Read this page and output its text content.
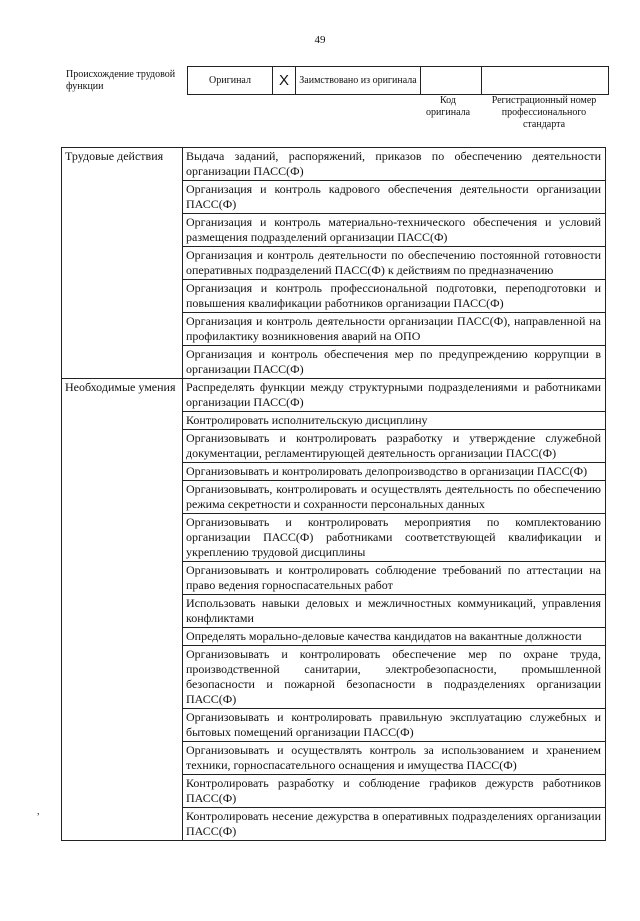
49
Происхождение трудовой функции
Оригинал	X	Заимствовано из оригинала		
Код оригинала
Регистрационный номер профессионального стандарта
Трудовые действия	Выдача заданий, распоряжений, приказов по обеспечению деятельности организации ПАСС(Ф)
	Организация и контроль кадрового обеспечения деятельности организации ПАСС(Ф)
	Организация и контроль материально-технического обеспечения и условий размещения подразделений организации ПАСС(Ф)
	Организация и контроль деятельности по обеспечению постоянной готовности оперативных подразделений ПАСС(Ф) к действиям по предназначению
	Организация и контроль профессиональной подготовки, переподготовки и повышения квалификации работников организации ПАСС(Ф)
	Организация и контроль деятельности организации ПАСС(Ф), направленной на профилактику возникновения аварий на ОПО
	Организация и контроль обеспечения мер по предупреждению коррупции в организации ПАСС(Ф)
Необходимые умения	Распределять функции между структурными подразделениями и работниками организации ПАСС(Ф)
	Контролировать исполнительскую дисциплину
	Организовывать и контролировать разработку и утверждение служебной документации, регламентирующей деятельность организации ПАСС(Ф)
	Организовывать и контролировать делопроизводство в организации ПАСС(Ф)
	Организовывать, контролировать и осуществлять деятельность по обеспечению режима секретности и сохранности персональных данных
	Организовывать и контролировать мероприятия по комплектованию организации ПАСС(Ф) работниками соответствующей квалификации и укреплению трудовой дисциплины
	Организовывать и контролировать соблюдение требований по аттестации на право ведения горноспасательных работ
	Использовать навыки деловых и межличностных коммуникаций, управления конфликтами
	Определять морально-деловые качества кандидатов на вакантные должности
	Организовывать и контролировать обеспечение мер по охране труда, производственной санитарии, электробезопасности, промышленной безопасности и пожарной безопасности в подразделениях организации ПАСС(Ф)
	Организовывать и контролировать правильную эксплуатацию служебных и бытовых помещений организации ПАСС(Ф)
	Организовывать и осуществлять контроль за использованием и хранением техники, горноспасательного оснащения и имущества ПАСС(Ф)
	Контролировать разработку и соблюдение графиков дежурств работников ПАСС(Ф)
	Контролировать несение дежурства в оперативных подразделениях организации ПАСС(Ф)
,
